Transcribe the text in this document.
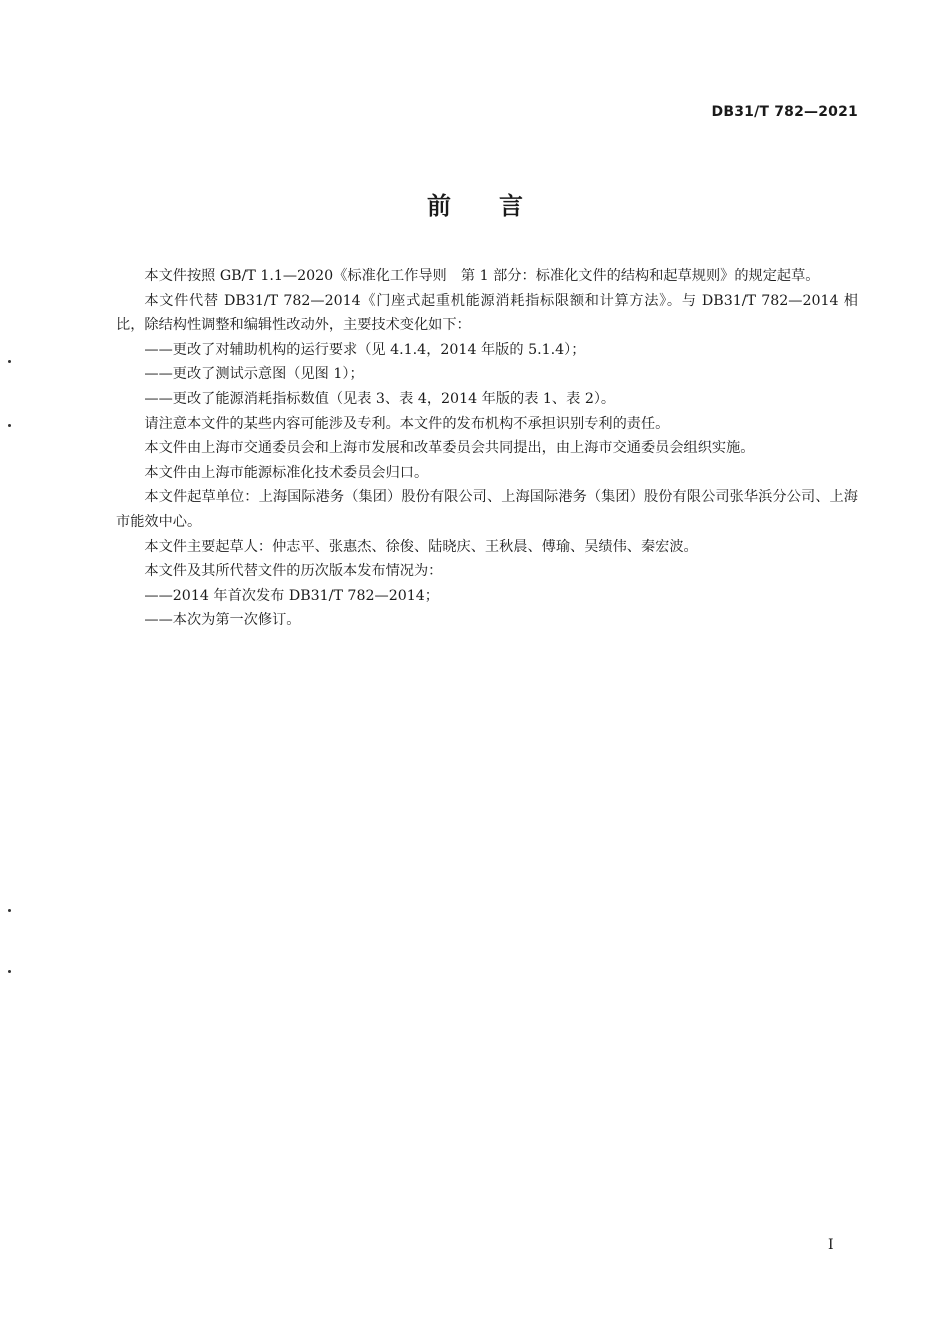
DB31/T 782—2021
前言

本文件按照 GB/T 1.1—2020《标准化工作导则　第 1 部分：标准化文件的结构和起草规则》的规定起草。

本文件代替 DB31/T 782—2014《门座式起重机能源消耗指标限额和计算方法》。与 DB31/T 782—2014 相比，除结构性调整和编辑性改动外，主要技术变化如下：

——更改了对辅助机构的运行要求（见 4.1.4，2014 年版的 5.1.4）；

——更改了测试示意图（见图 1）；

——更改了能源消耗指标数值（见表 3、表 4，2014 年版的表 1、表 2）。

请注意本文件的某些内容可能涉及专利。本文件的发布机构不承担识别专利的责任。

本文件由上海市交通委员会和上海市发展和改革委员会共同提出，由上海市交通委员会组织实施。

本文件由上海市能源标准化技术委员会归口。

本文件起草单位：上海国际港务（集团）股份有限公司、上海国际港务（集团）股份有限公司张华浜分公司、上海市能效中心。

本文件主要起草人：仲志平、张惠杰、徐俊、陆晓庆、王秋晨、傅瑜、吴绩伟、秦宏波。

本文件及其所代替文件的历次版本发布情况为：

——2014 年首次发布 DB31/T 782—2014；

——本次为第一次修订。

I
